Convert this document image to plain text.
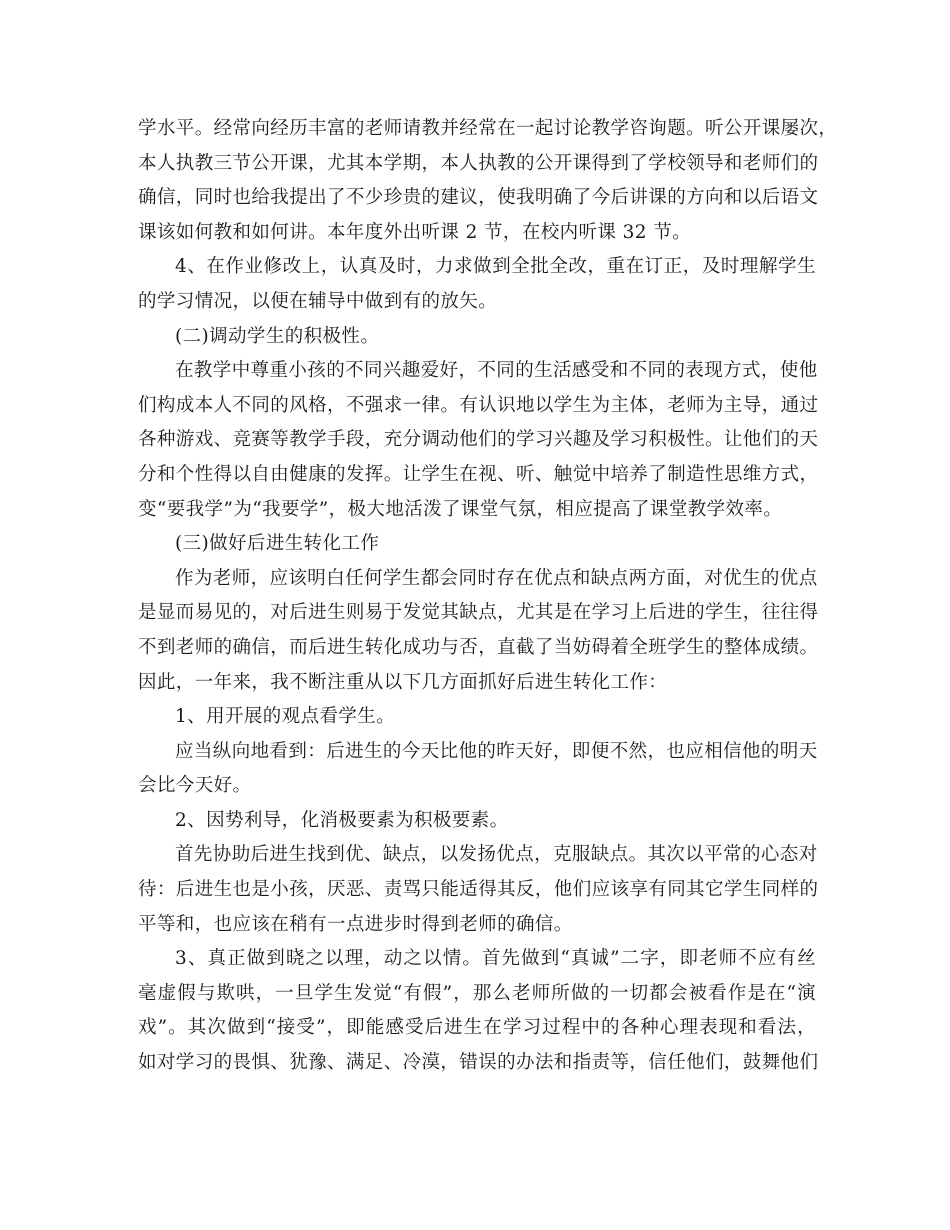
学水平。经常向经历丰富的老师请教并经常在一起讨论教学咨询题。听公开课屡次，
本人执教三节公开课，尤其本学期，本人执教的公开课得到了学校领导和老师们的
确信，同时也给我提出了不少珍贵的建议，使我明确了今后讲课的方向和以后语文
课该如何教和如何讲。本年度外出听课 2 节，在校内听课 32 节。
4、在作业修改上，认真及时，力求做到全批全改，重在订正，及时理解学生
的学习情况，以便在辅导中做到有的放矢。
(二)调动学生的积极性。
在教学中尊重小孩的不同兴趣爱好，不同的生活感受和不同的表现方式，使他
们构成本人不同的风格，不强求一律。有认识地以学生为主体，老师为主导，通过
各种游戏、竞赛等教学手段，充分调动他们的学习兴趣及学习积极性。让他们的天
分和个性得以自由健康的发挥。让学生在视、听、触觉中培养了制造性思维方式，
变“要我学”为“我要学”，极大地活泼了课堂气氛，相应提高了课堂教学效率。
(三)做好后进生转化工作
作为老师，应该明白任何学生都会同时存在优点和缺点两方面，对优生的优点
是显而易见的，对后进生则易于发觉其缺点，尤其是在学习上后进的学生，往往得
不到老师的确信，而后进生转化成功与否，直截了当妨碍着全班学生的整体成绩。
因此，一年来，我不断注重从以下几方面抓好后进生转化工作：
1、用开展的观点看学生。
应当纵向地看到：后进生的今天比他的昨天好，即便不然，也应相信他的明天
会比今天好。
2、因势利导，化消极要素为积极要素。
首先协助后进生找到优、缺点，以发扬优点，克服缺点。其次以平常的心态对
待：后进生也是小孩，厌恶、责骂只能适得其反，他们应该享有同其它学生同样的
平等和，也应该在稍有一点进步时得到老师的确信。
3、真正做到晓之以理，动之以情。首先做到“真诚”二字，即老师不应有丝
毫虚假与欺哄，一旦学生发觉“有假”，那么老师所做的一切都会被看作是在“演
戏”。其次做到“接受”，即能感受后进生在学习过程中的各种心理表现和看法，
如对学习的畏惧、犹豫、满足、冷漠，错误的办法和指责等，信任他们，鼓舞他们
